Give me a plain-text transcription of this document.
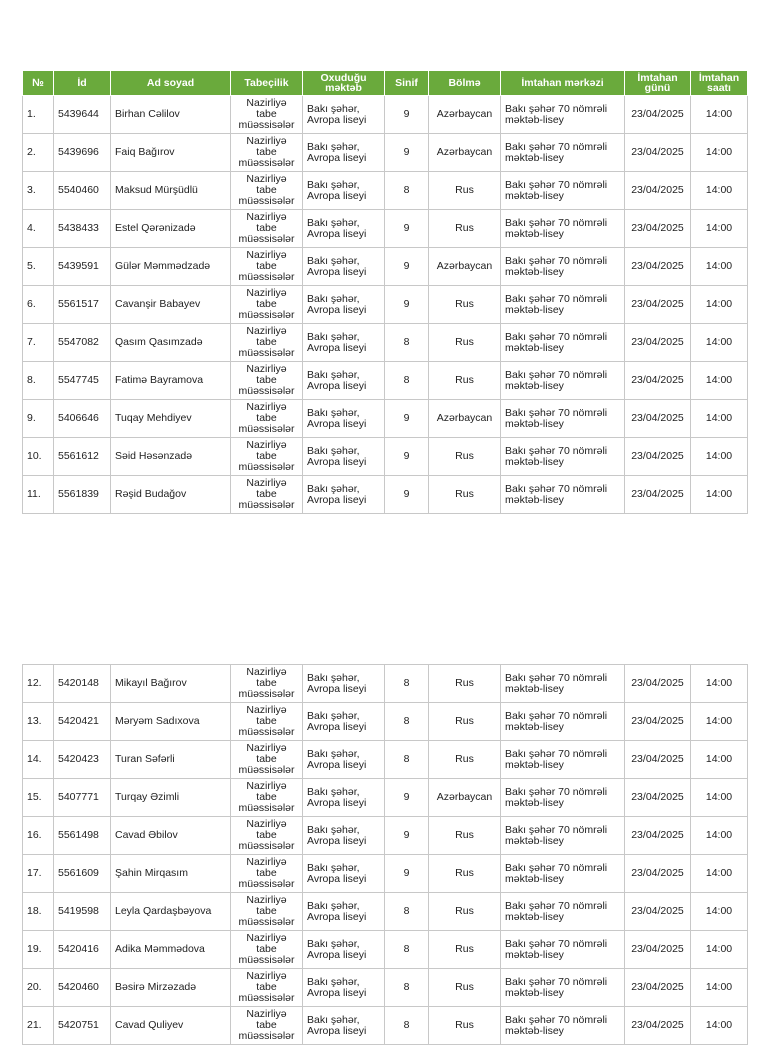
№	İd	Ad soyad	Tabeçilik	Oxuduğu məktəb	Sinif	Bölmə	İmtahan mərkəzi	İmtahan günü	İmtahan saatı
1.	5439644	Birhan Cəlilov	Nazirliyə tabe müəssisələr	Bakı şəhər, Avropa liseyi	9	Azərbaycan	Bakı şəhər 70 nömrəli məktəb-lisey	23/04/2025	14:00
2.	5439696	Faiq Bağırov	Nazirliyə tabe müəssisələr	Bakı şəhər, Avropa liseyi	9	Azərbaycan	Bakı şəhər 70 nömrəli məktəb-lisey	23/04/2025	14:00
3.	5540460	Maksud Mürşüdlü	Nazirliyə tabe müəssisələr	Bakı şəhər, Avropa liseyi	8	Rus	Bakı şəhər 70 nömrəli məktəb-lisey	23/04/2025	14:00
4.	5438433	Estel Qərənizadə	Nazirliyə tabe müəssisələr	Bakı şəhər, Avropa liseyi	9	Rus	Bakı şəhər 70 nömrəli məktəb-lisey	23/04/2025	14:00
5.	5439591	Gülər Məmmədzadə	Nazirliyə tabe müəssisələr	Bakı şəhər, Avropa liseyi	9	Azərbaycan	Bakı şəhər 70 nömrəli məktəb-lisey	23/04/2025	14:00
6.	5561517	Cavanşir Babayev	Nazirliyə tabe müəssisələr	Bakı şəhər, Avropa liseyi	9	Rus	Bakı şəhər 70 nömrəli məktəb-lisey	23/04/2025	14:00
7.	5547082	Qasım Qasımzadə	Nazirliyə tabe müəssisələr	Bakı şəhər, Avropa liseyi	8	Rus	Bakı şəhər 70 nömrəli məktəb-lisey	23/04/2025	14:00
8.	5547745	Fatimə Bayramova	Nazirliyə tabe müəssisələr	Bakı şəhər, Avropa liseyi	8	Rus	Bakı şəhər 70 nömrəli məktəb-lisey	23/04/2025	14:00
9.	5406646	Tuqay Mehdiyev	Nazirliyə tabe müəssisələr	Bakı şəhər, Avropa liseyi	9	Azərbaycan	Bakı şəhər 70 nömrəli məktəb-lisey	23/04/2025	14:00
10.	5561612	Səid Həsənzadə	Nazirliyə tabe müəssisələr	Bakı şəhər, Avropa liseyi	9	Rus	Bakı şəhər 70 nömrəli məktəb-lisey	23/04/2025	14:00
11.	5561839	Rəşid Budağov	Nazirliyə tabe müəssisələr	Bakı şəhər, Avropa liseyi	9	Rus	Bakı şəhər 70 nömrəli məktəb-lisey	23/04/2025	14:00
12.	5420148	Mikayıl Bağırov	Nazirliyə tabe müəssisələr	Bakı şəhər, Avropa liseyi	8	Rus	Bakı şəhər 70 nömrəli məktəb-lisey	23/04/2025	14:00
13.	5420421	Məryəm Sadıxova	Nazirliyə tabe müəssisələr	Bakı şəhər, Avropa liseyi	8	Rus	Bakı şəhər 70 nömrəli məktəb-lisey	23/04/2025	14:00
14.	5420423	Turan Səfərli	Nazirliyə tabe müəssisələr	Bakı şəhər, Avropa liseyi	8	Rus	Bakı şəhər 70 nömrəli məktəb-lisey	23/04/2025	14:00
15.	5407771	Turqay Əzimli	Nazirliyə tabe müəssisələr	Bakı şəhər, Avropa liseyi	9	Azərbaycan	Bakı şəhər 70 nömrəli məktəb-lisey	23/04/2025	14:00
16.	5561498	Cavad Əbilov	Nazirliyə tabe müəssisələr	Bakı şəhər, Avropa liseyi	9	Rus	Bakı şəhər 70 nömrəli məktəb-lisey	23/04/2025	14:00
17.	5561609	Şahin Mirqasım	Nazirliyə tabe müəssisələr	Bakı şəhər, Avropa liseyi	9	Rus	Bakı şəhər 70 nömrəli məktəb-lisey	23/04/2025	14:00
18.	5419598	Leyla Qardaşbəyova	Nazirliyə tabe müəssisələr	Bakı şəhər, Avropa liseyi	8	Rus	Bakı şəhər 70 nömrəli məktəb-lisey	23/04/2025	14:00
19.	5420416	Adika Məmmədova	Nazirliyə tabe müəssisələr	Bakı şəhər, Avropa liseyi	8	Rus	Bakı şəhər 70 nömrəli məktəb-lisey	23/04/2025	14:00
20.	5420460	Bəsirə Mirzəzadə	Nazirliyə tabe müəssisələr	Bakı şəhər, Avropa liseyi	8	Rus	Bakı şəhər 70 nömrəli məktəb-lisey	23/04/2025	14:00
21.	5420751	Cavad Quliyev	Nazirliyə tabe müəssisələr	Bakı şəhər, Avropa liseyi	8	Rus	Bakı şəhər 70 nömrəli məktəb-lisey	23/04/2025	14:00
